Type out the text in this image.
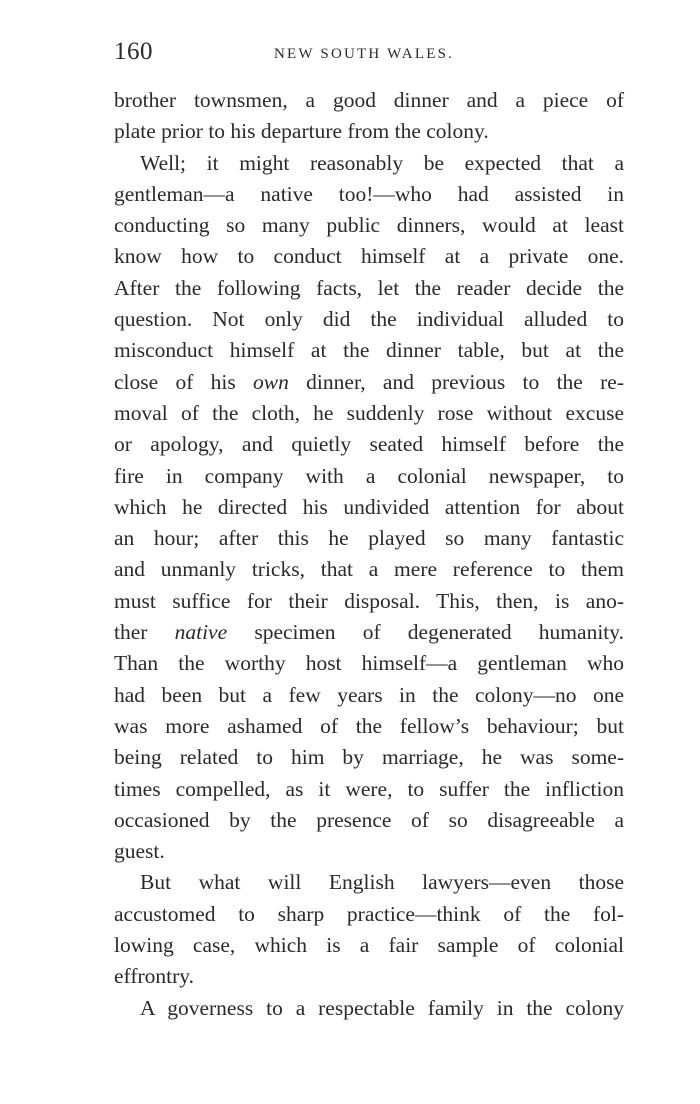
160	NEW SOUTH WALES.
brother townsmen, a good dinner and a piece of
plate prior to his departure from the colony.
Well; it might reasonably be expected that a
gentleman—a native too!—who had assisted in
conducting so many public dinners, would at least
know how to conduct himself at a private one.
After the following facts, let the reader decide the
question. Not only did the individual alluded to
misconduct himself at the dinner table, but at the
close of his own dinner, and previous to the re-
moval of the cloth, he suddenly rose without excuse
or apology, and quietly seated himself before the
fire in company with a colonial newspaper, to
which he directed his undivided attention for about
an hour; after this he played so many fantastic
and unmanly tricks, that a mere reference to them
must suffice for their disposal. This, then, is ano-
ther native specimen of degenerated humanity.
Than the worthy host himself—a gentleman who
had been but a few years in the colony—no one
was more ashamed of the fellow’s behaviour; but
being related to him by marriage, he was some-
times compelled, as it were, to suffer the infliction
occasioned by the presence of so disagreeable a
guest.
But what will English lawyers—even those
accustomed to sharp practice—think of the fol-
lowing case, which is a fair sample of colonial
effrontry.
A governess to a respectable family in the colony
